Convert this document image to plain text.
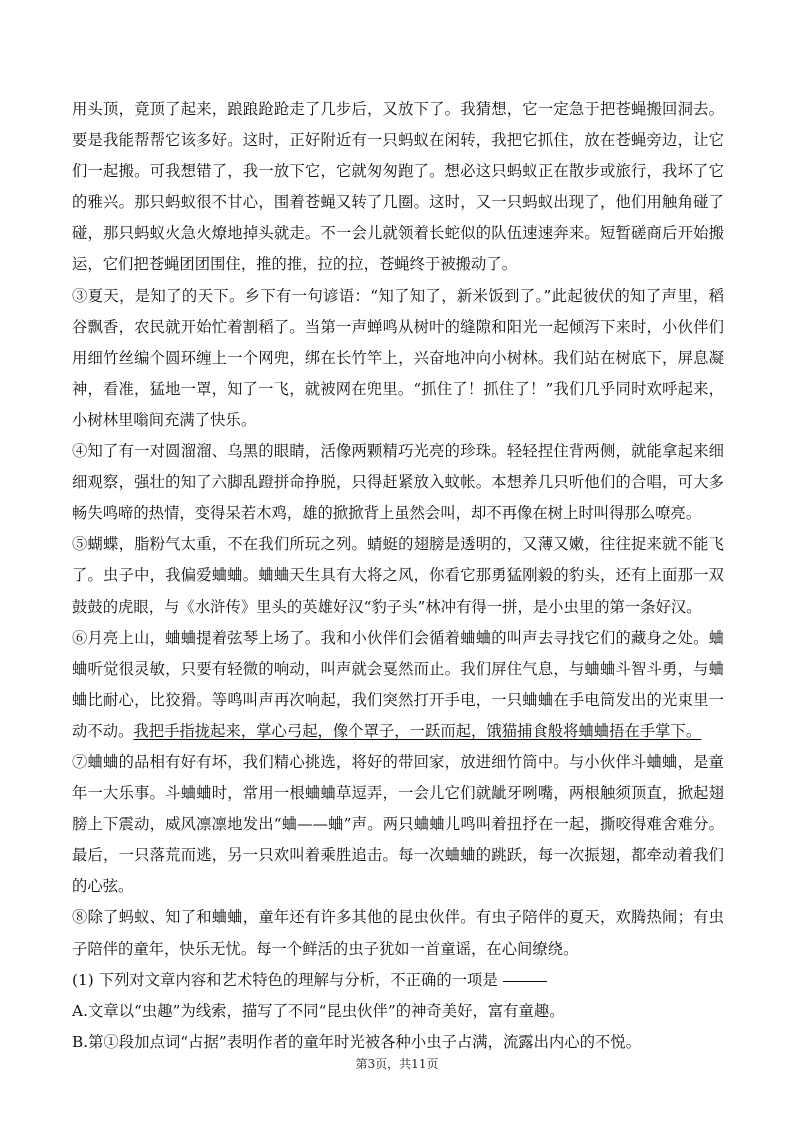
用头顶，竟顶了起来，踉踉跄跄走了几步后，又放下了。我猜想，它一定急于把苍蝇搬回洞去。要是我能帮帮它该多好。这时，正好附近有一只蚂蚁在闲转，我把它抓住，放在苍蝇旁边，让它们一起搬。可我想错了，我一放下它，它就匆匆跑了。想必这只蚂蚁正在散步或旅行，我坏了它的雅兴。那只蚂蚁很不甘心，围着苍蝇又转了几圈。这时，又一只蚂蚁出现了，他们用触角碰了碰，那只蚂蚁火急火燎地掉头就走。不一会儿就领着长蛇似的队伍速速奔来。短暂磋商后开始搬运，它们把苍蝇团团围住，推的推，拉的拉，苍蝇终于被搬动了。

③夏天，是知了的天下。乡下有一句谚语：“知了知了，新米饭到了。”此起彼伏的知了声里，稻谷飘香，农民就开始忙着割稻了。当第一声蝉鸣从树叶的缝隙和阳光一起倾泻下来时，小伙伴们用细竹丝编个圆环缠上一个网兜，绑在长竹竿上，兴奋地冲向小树林。我们站在树底下，屏息凝神，看准，猛地一罩，知了一飞，就被网在兜里。“抓住了！抓住了！”我们几乎同时欢呼起来，小树林里嗡间充满了快乐。

④知了有一对圆溜溜、乌黑的眼睛，活像两颗精巧光亮的珍珠。轻轻捏住背两侧，就能拿起来细细观察，强壮的知了六脚乱蹬拼命挣脱，只得赶紧放入蚊帐。本想养几只听他们的合唱，可大多畅失鸣啼的热情，变得呆若木鸡，雄的掀掀背上虽然会叫，却不再像在树上时叫得那么嘹亮。

⑤蝴蝶，脂粉气太重，不在我们所玩之列。蜻蜓的翅膀是透明的，又薄又嫩，往往捉来就不能飞了。虫子中，我偏爱蛐蛐。蛐蛐天生具有大将之风，你看它那勇猛刚毅的豹头，还有上面那一双鼓鼓的虎眼，与《水浒传》里头的英雄好汉“豹子头”林冲有得一拼，是小虫里的第一条好汉。

⑥月亮上山，蛐蛐提着弦琴上场了。我和小伙伴们会循着蛐蛐的叫声去寻找它们的藏身之处。蛐蛐听觉很灵敏，只要有轻微的响动，叫声就会戛然而止。我们屏住气息，与蛐蛐斗智斗勇，与蛐蛐比耐心，比狡猾。等鸣叫声再次响起，我们突然打开手电，一只蛐蛐在手电筒发出的光束里一动不动。我把手指拢起来，掌心弓起，像个罩子，一跃而起，饿猫捕食般将蛐蛐捂在手掌下。

⑦蛐蛐的品相有好有坏，我们精心挑选，将好的带回家，放进细竹筒中。与小伙伴斗蛐蛐，是童年一大乐事。斗蛐蛐时，常用一根蛐蛐草逗弄，一会儿它们就龇牙咧嘴，两根触须顶直，掀起翅膀上下震动，威风凛凛地发出“蛐——蛐”声。两只蛐蛐儿鸣叫着扭抒在一起，撕咬得难舍难分。最后，一只落荒而逃，另一只欢叫着乘胜追击。每一次蛐蛐的跳跃，每一次振翅，都牵动着我们的心弦。

⑧除了蚂蚁、知了和蛐蛐，童年还有许多其他的昆虫伙伴。有虫子陪伴的夏天，欢腾热闹；有虫子陪伴的童年，快乐无忧。每一个鲜活的虫子犹如一首童谣，在心间缭绕。

(1) 下列对文章内容和艺术特色的理解与分析，不正确的一项是

A.文章以“虫趣”为线索，描写了不同“昆虫伙伴”的神奇美好，富有童趣。

B.第①段加点词“占据”表明作者的童年时光被各种小虫子占满，流露出内心的不悦。

第3页，共11页
